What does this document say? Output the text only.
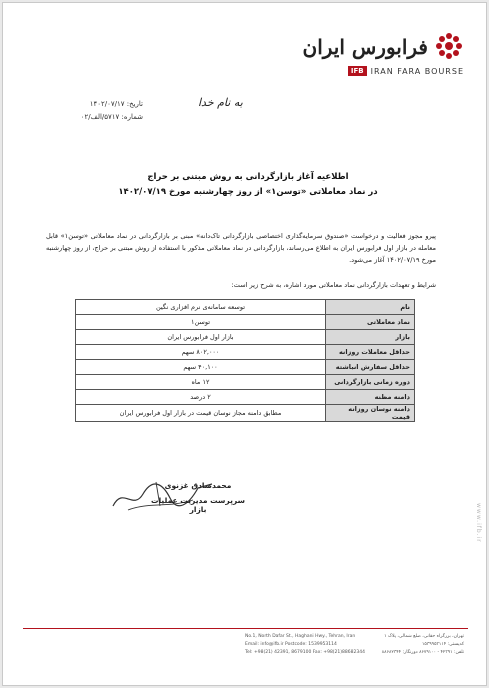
فرابورس ایران
IFB IRAN FARA BOURSE
به نام خدا
تاریخ: ۱۴۰۲/۰۷/۱۷
شماره: ۵۷۱۷/الف/۰۲
اطلاعیه آغاز بازارگردانی به روش مبتنی بر حراج
در نماد معاملاتی «توسن۱» از روز چهارشنبه مورخ ۱۴۰۲/۰۷/۱۹
پیرو مجوز فعالیت و درخواست «صندوق سرمایه‌گذاری اختصاصی بازارگردانی تاک‌دانه» مبنی بر بازارگردانی در نماد معاملاتی «توسن۱» قابل معامله در بازار اول فرابورس ایران به اطلاع می‌رساند، بازارگردانی در نماد معاملاتی مذکور با استفاده از روش مبتنی بر حراج، از روز چهارشنبه مورخ ۱۴۰۲/۰۷/۱۹ آغاز می‌شود.
شرایط و تعهدات بازارگردانی نماد معاملاتی مورد اشاره، به شرح زیر است:
نام	توسعه سامانه‌ی نرم افزاری نگین
نماد معاملاتی	توسن۱
بازار	بازار اول فرابورس ایران
حداقل معاملات روزانه	۸۰۲,۰۰۰ سهم
حداقل سفارش انباشته	۴۰,۱۰۰ سهم
دوره زمانی بازارگردانی	۱۲ ماه
دامنه مظنه	۲ درصد
دامنه نوسان روزانه قیمت	مطابق دامنه مجاز نوسان قیمت در بازار اول فرابورس ایران
محمدصادق غزنوی
سرپرست مدیریت عملیات بازار	www.ifb.ir
No.1, North Dafar St., Haghani Hwy., Tehran, Iran
Email: info@ifb.ir Postcode: 1539953114
Tel: +98(21) 42391, 8679100 Fax: +98(21)88682344
تهران، بزرگراه حقانی، ضلع شمالی، پلاک ۱
کدپستی: ۱۵۳۹۹۵۳۱۱۴
تلفن: ۴۲۳۹۱ - ۸۶۷۹۱۰۰ دورنگار: ۸۸۶۸۲۳۴۴
